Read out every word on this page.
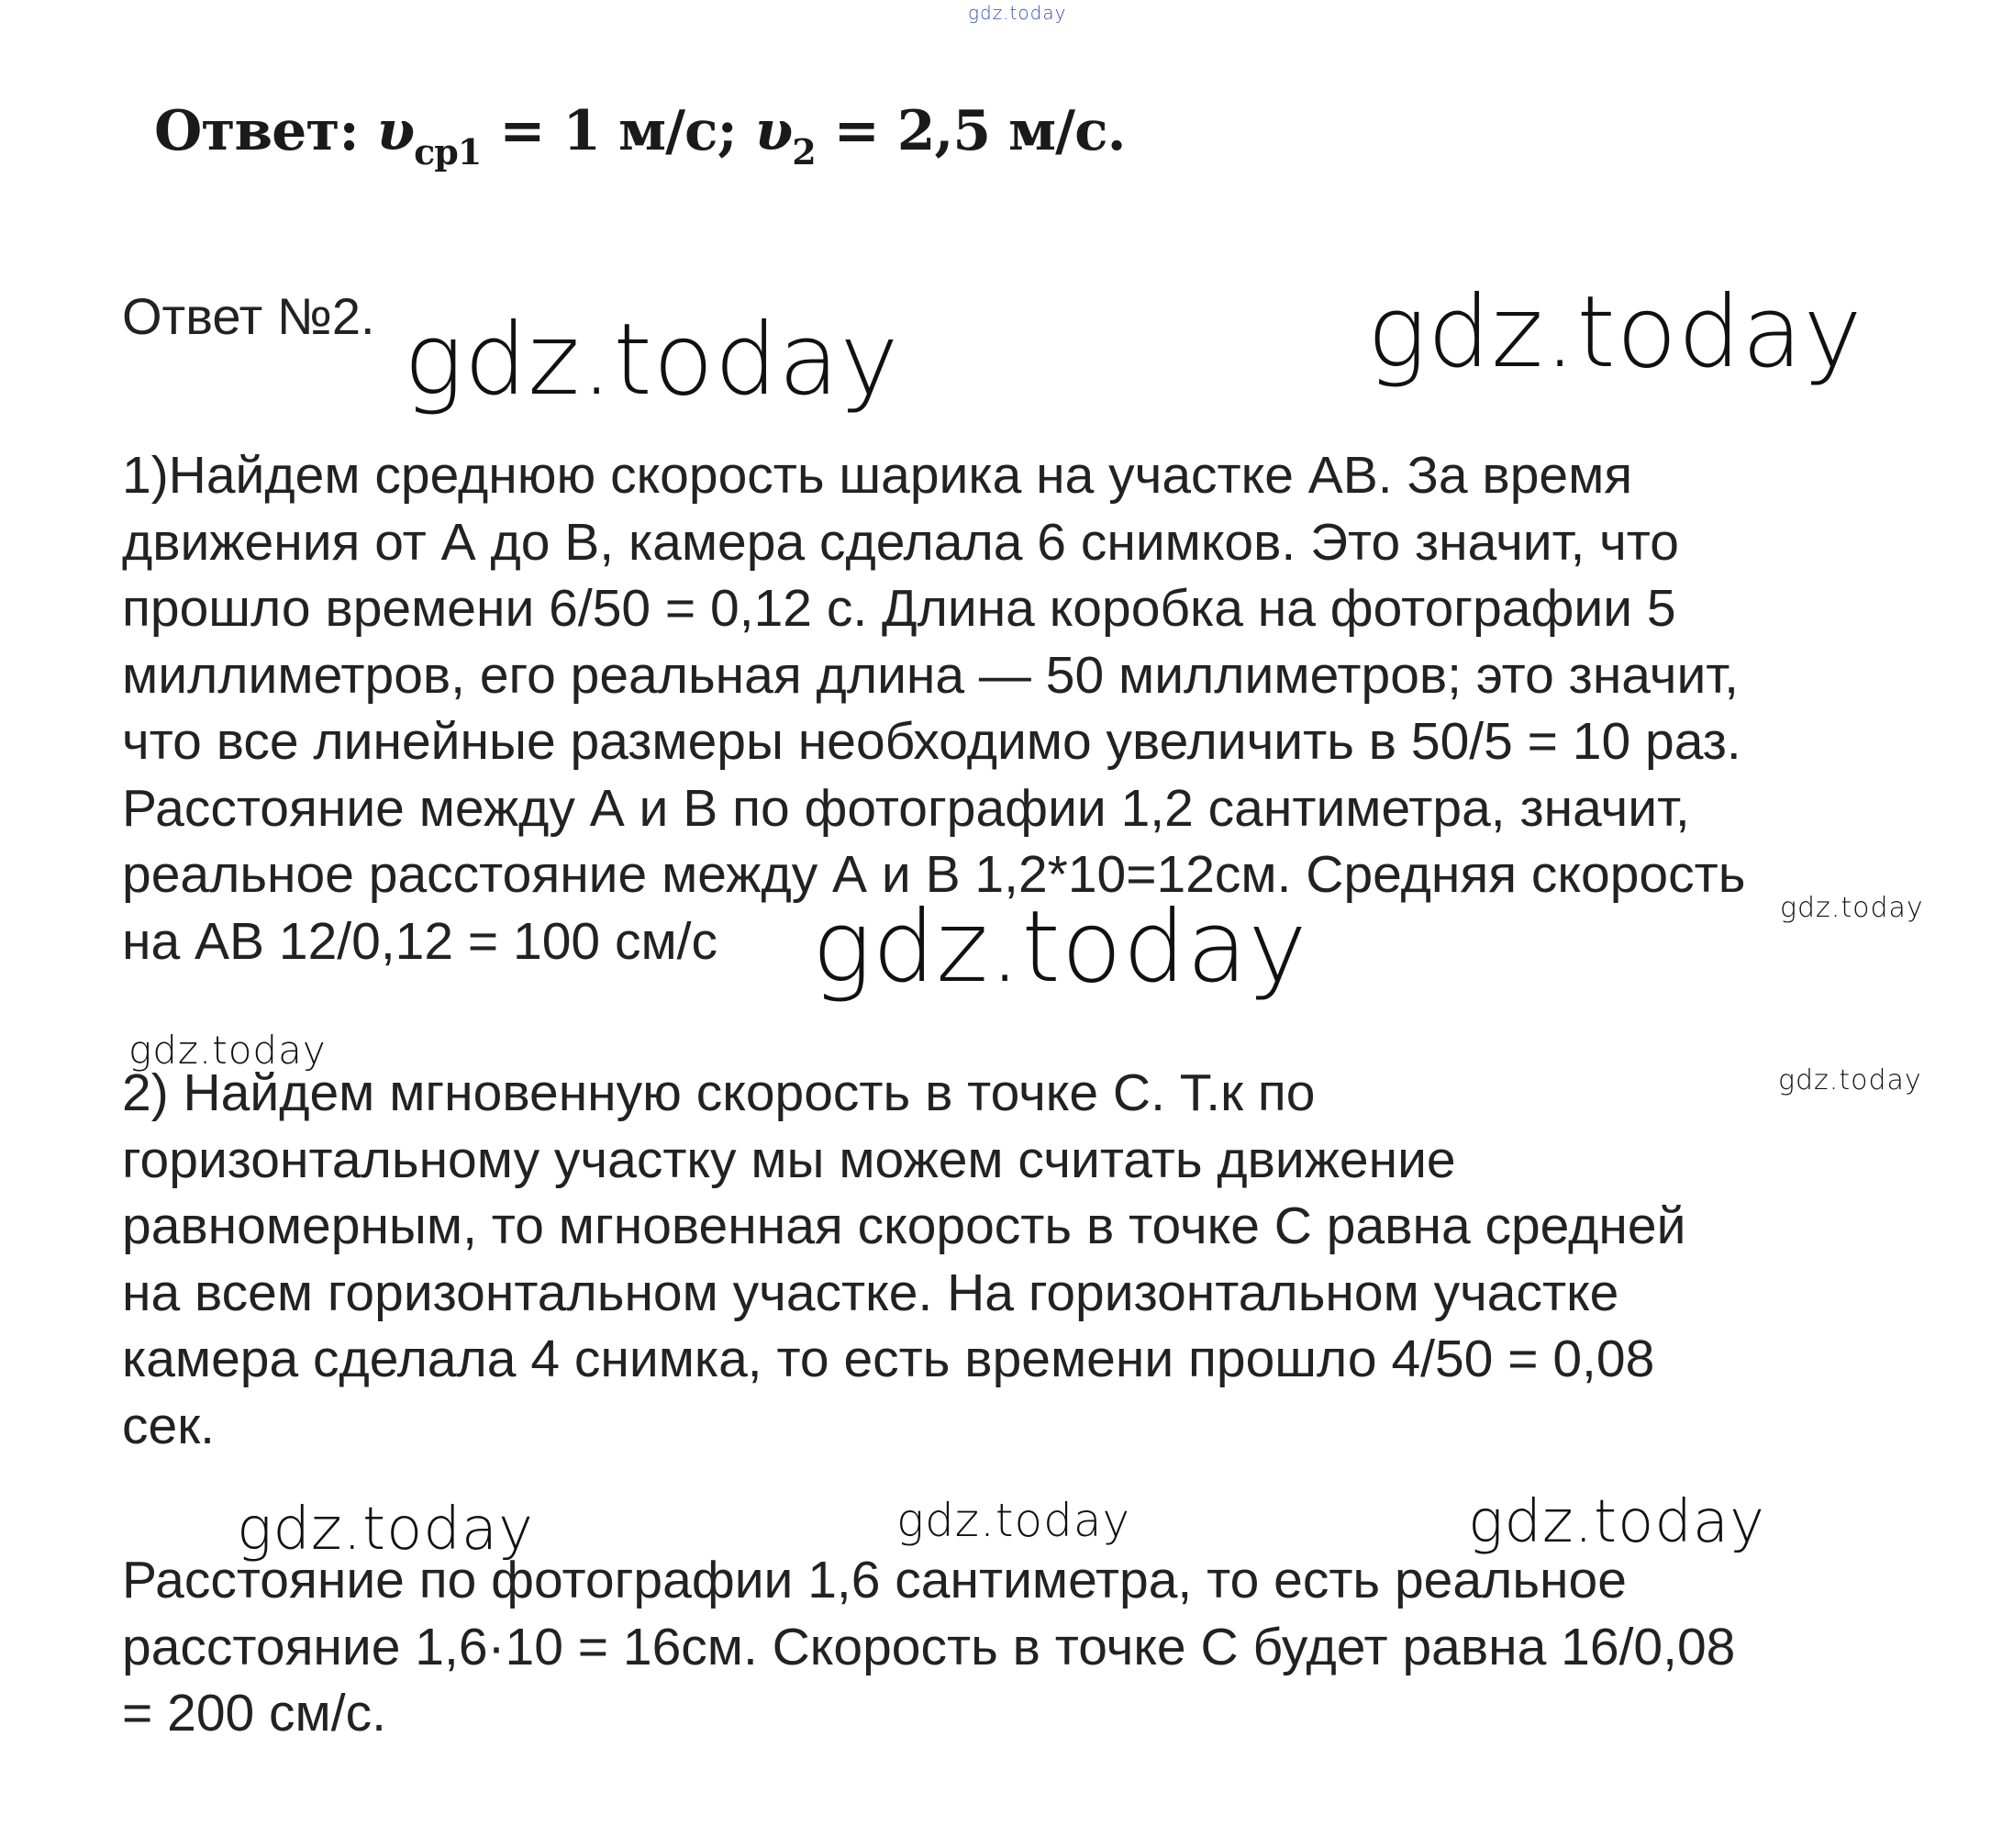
Ответ: $\upsilon_{ср1} = 1$ м/с; $\upsilon_2 = 2,5$ м/с.
Ответ №2.

1)Найдем среднюю скорость шарика на участке АВ. За время
движения от А до В, камера сделала 6 снимков. Это значит, что
прошло времени 6/50 = 0,12 с. Длина коробка на фотографии 5
миллиметров, его реальная длина — 50 миллиметров; это значит,
что все линейные размеры необходимо увеличить в 50/5 = 10 раз.
Расстояние между А и В по фотографии 1,2 сантиметра, значит,
реальное расстояние между А и В 1,2*10=12см. Средняя скорость
на АВ 12/0,12 = 100 см/с

2) Найдем мгновенную скорость в точке С. Т.к по
горизонтальному участку мы можем считать движение
равномерным, то мгновенная скорость в точке С равна средней
на всем горизонтальном участке. На горизонтальном участке
камера сделала 4 снимка, то есть времени прошло 4/50 = 0,08
сек.

Расстояние по фотографии 1,6 сантиметра, то есть реальное
расстояние 1,6·10 = 16см. Скорость в точке С будет равна 16/0,08
= 200 см/с.

gdz.today
gdz.today	gdz.today
gdz.today	gdz.today
gdz.today
gdz.today
gdz.today	gdz.today	gdz.today
